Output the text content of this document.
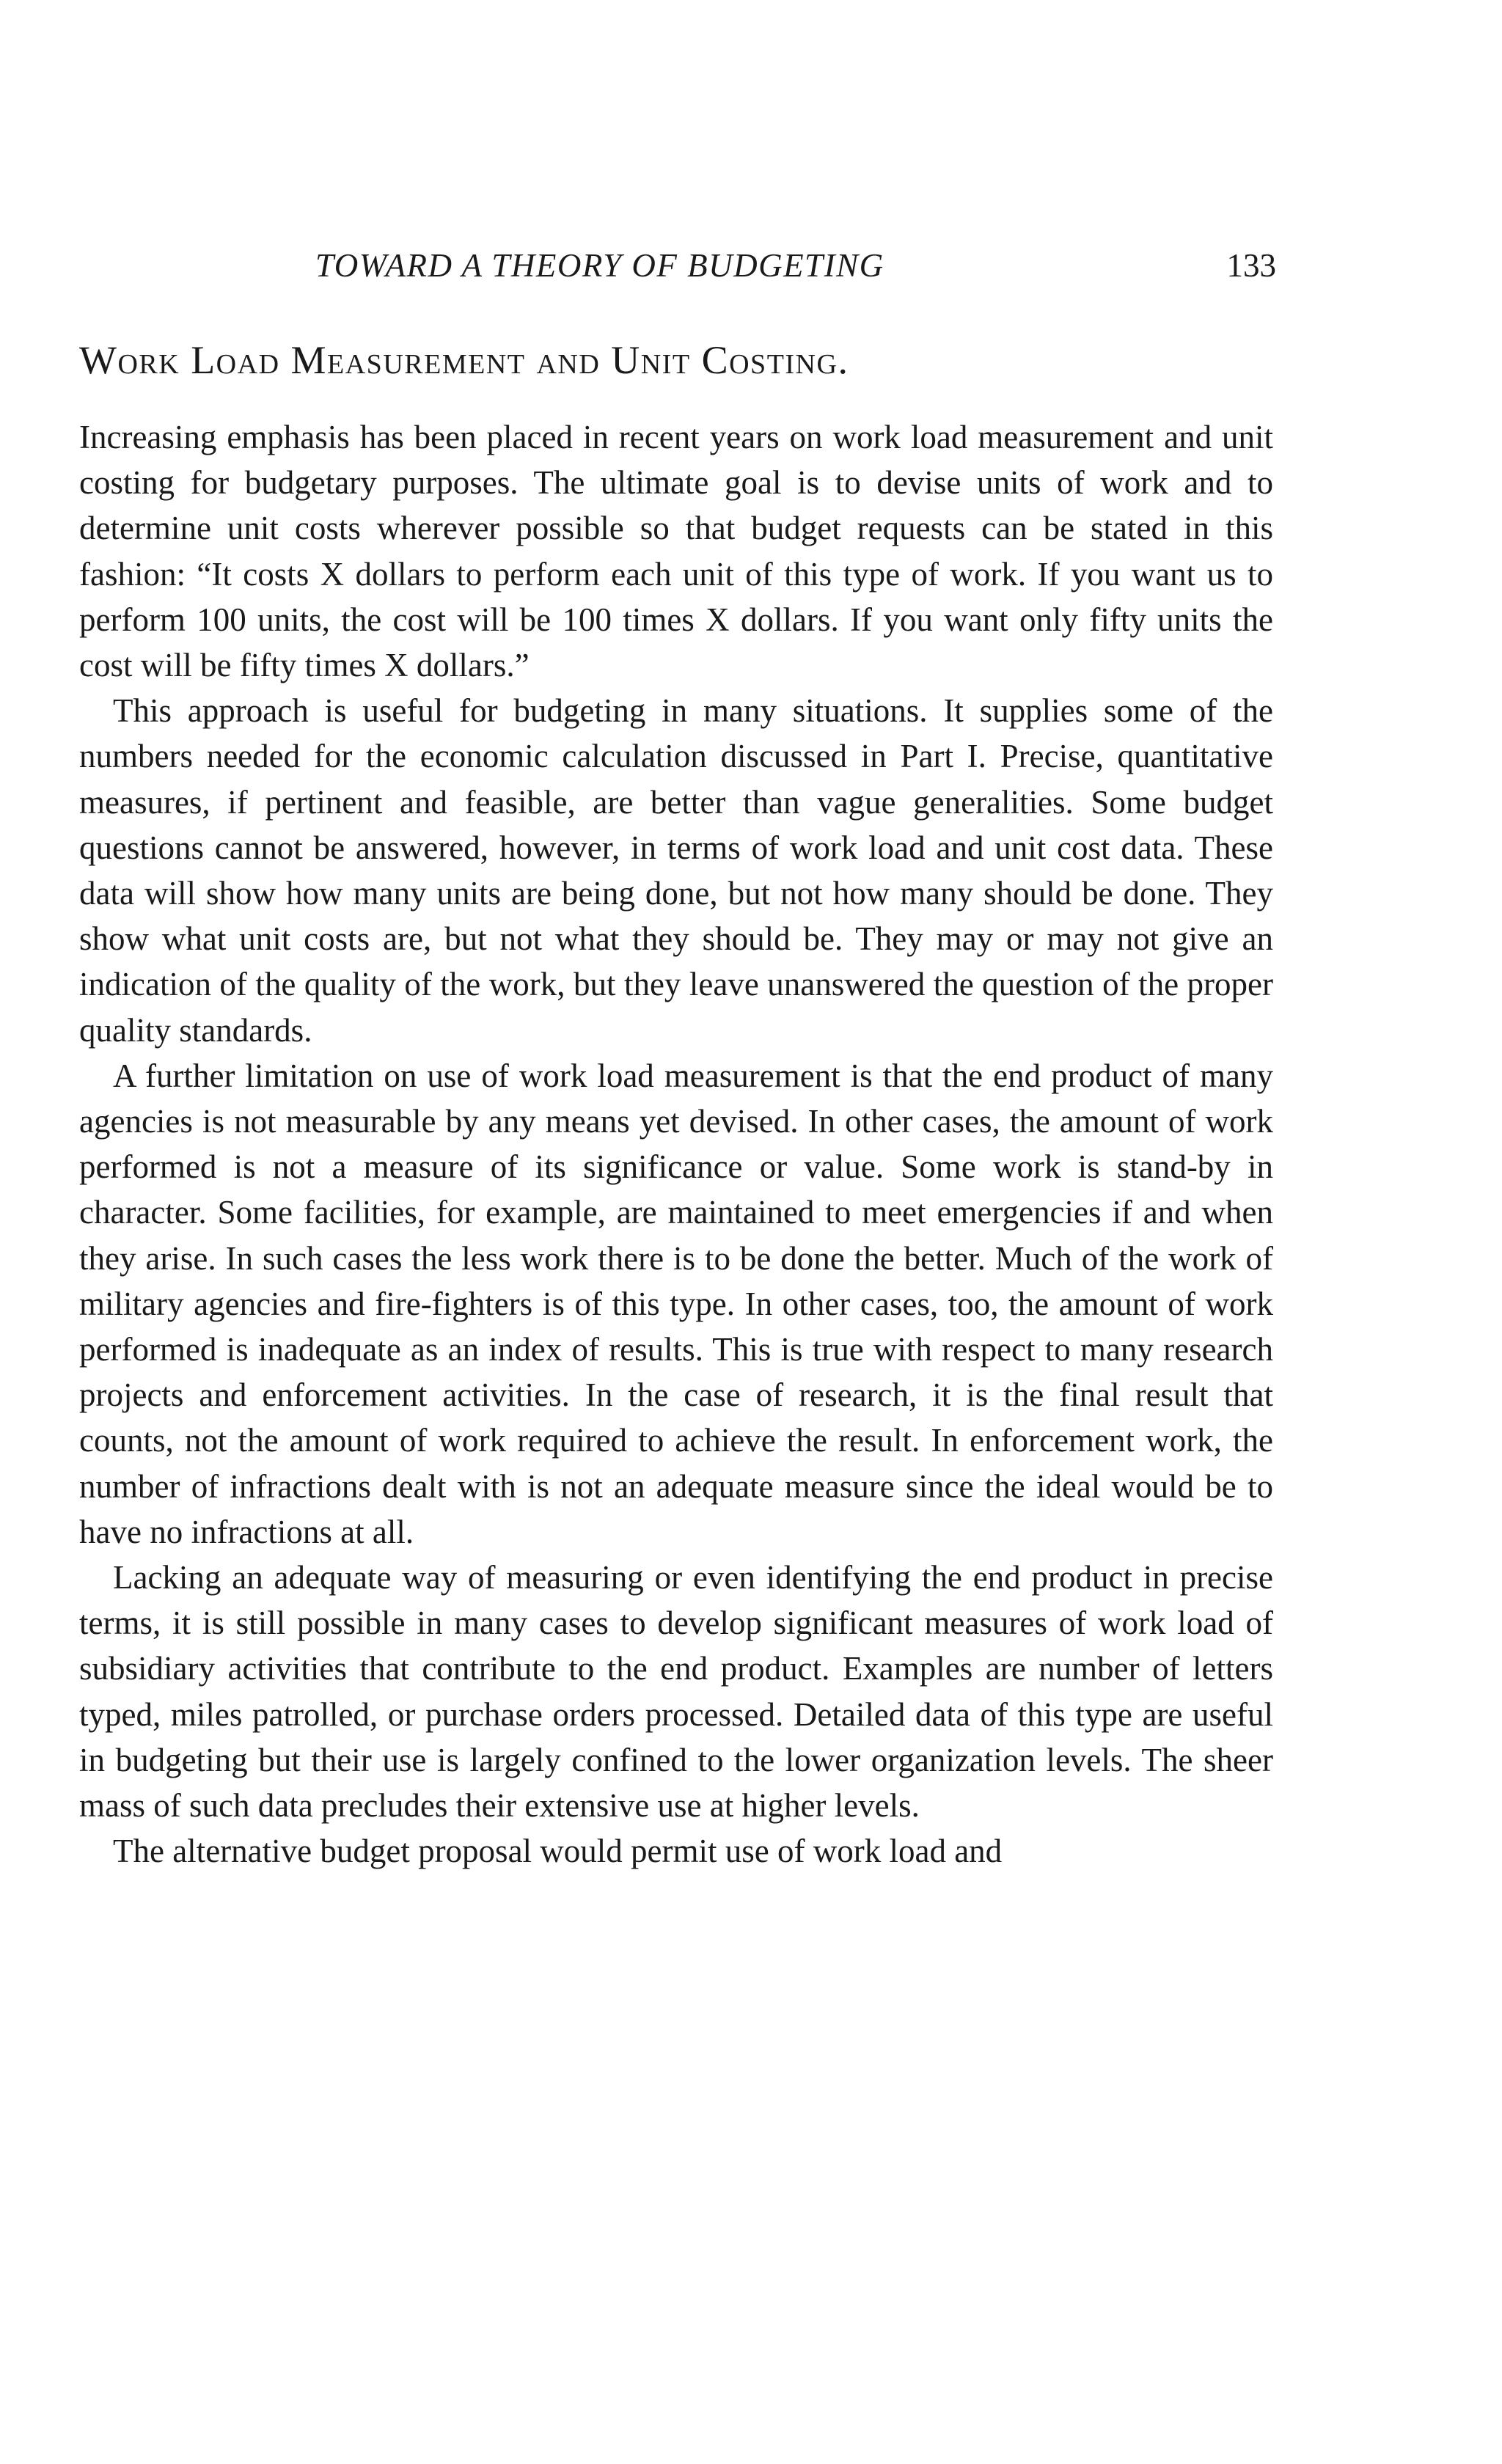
TOWARD A THEORY OF BUDGETING	133
Work Load Measurement and Unit Costing.

Increasing emphasis has been placed in recent years on work load measurement and unit costing for budgetary purposes. The ultimate goal is to devise units of work and to determine unit costs wherever possible so that budget requests can be stated in this fashion: “It costs X dollars to perform each unit of this type of work. If you want us to perform 100 units, the cost will be 100 times X dollars. If you want only fifty units the cost will be fifty times X dollars.”

This approach is useful for budgeting in many situations. It supplies some of the numbers needed for the economic calculation discussed in Part I. Precise, quantitative measures, if pertinent and feasible, are better than vague generalities. Some budget questions cannot be answered, however, in terms of work load and unit cost data. These data will show how many units are being done, but not how many should be done. They show what unit costs are, but not what they should be. They may or may not give an indication of the quality of the work, but they leave unanswered the question of the proper quality standards.

A further limitation on use of work load measurement is that the end product of many agencies is not measurable by any means yet devised. In other cases, the amount of work performed is not a measure of its significance or value. Some work is stand-by in character. Some facilities, for example, are maintained to meet emergencies if and when they arise. In such cases the less work there is to be done the better. Much of the work of military agencies and fire-fighters is of this type. In other cases, too, the amount of work performed is inadequate as an index of results. This is true with respect to many research projects and enforcement activities. In the case of research, it is the final result that counts, not the amount of work required to achieve the result. In enforcement work, the number of infractions dealt with is not an adequate measure since the ideal would be to have no infractions at all.

Lacking an adequate way of measuring or even identifying the end product in precise terms, it is still possible in many cases to develop significant measures of work load of subsidiary activities that contribute to the end product. Examples are number of letters typed, miles patrolled, or purchase orders processed. Detailed data of this type are useful in budgeting but their use is largely confined to the lower organization levels. The sheer mass of such data precludes their extensive use at higher levels.

The alternative budget proposal would permit use of work load and
